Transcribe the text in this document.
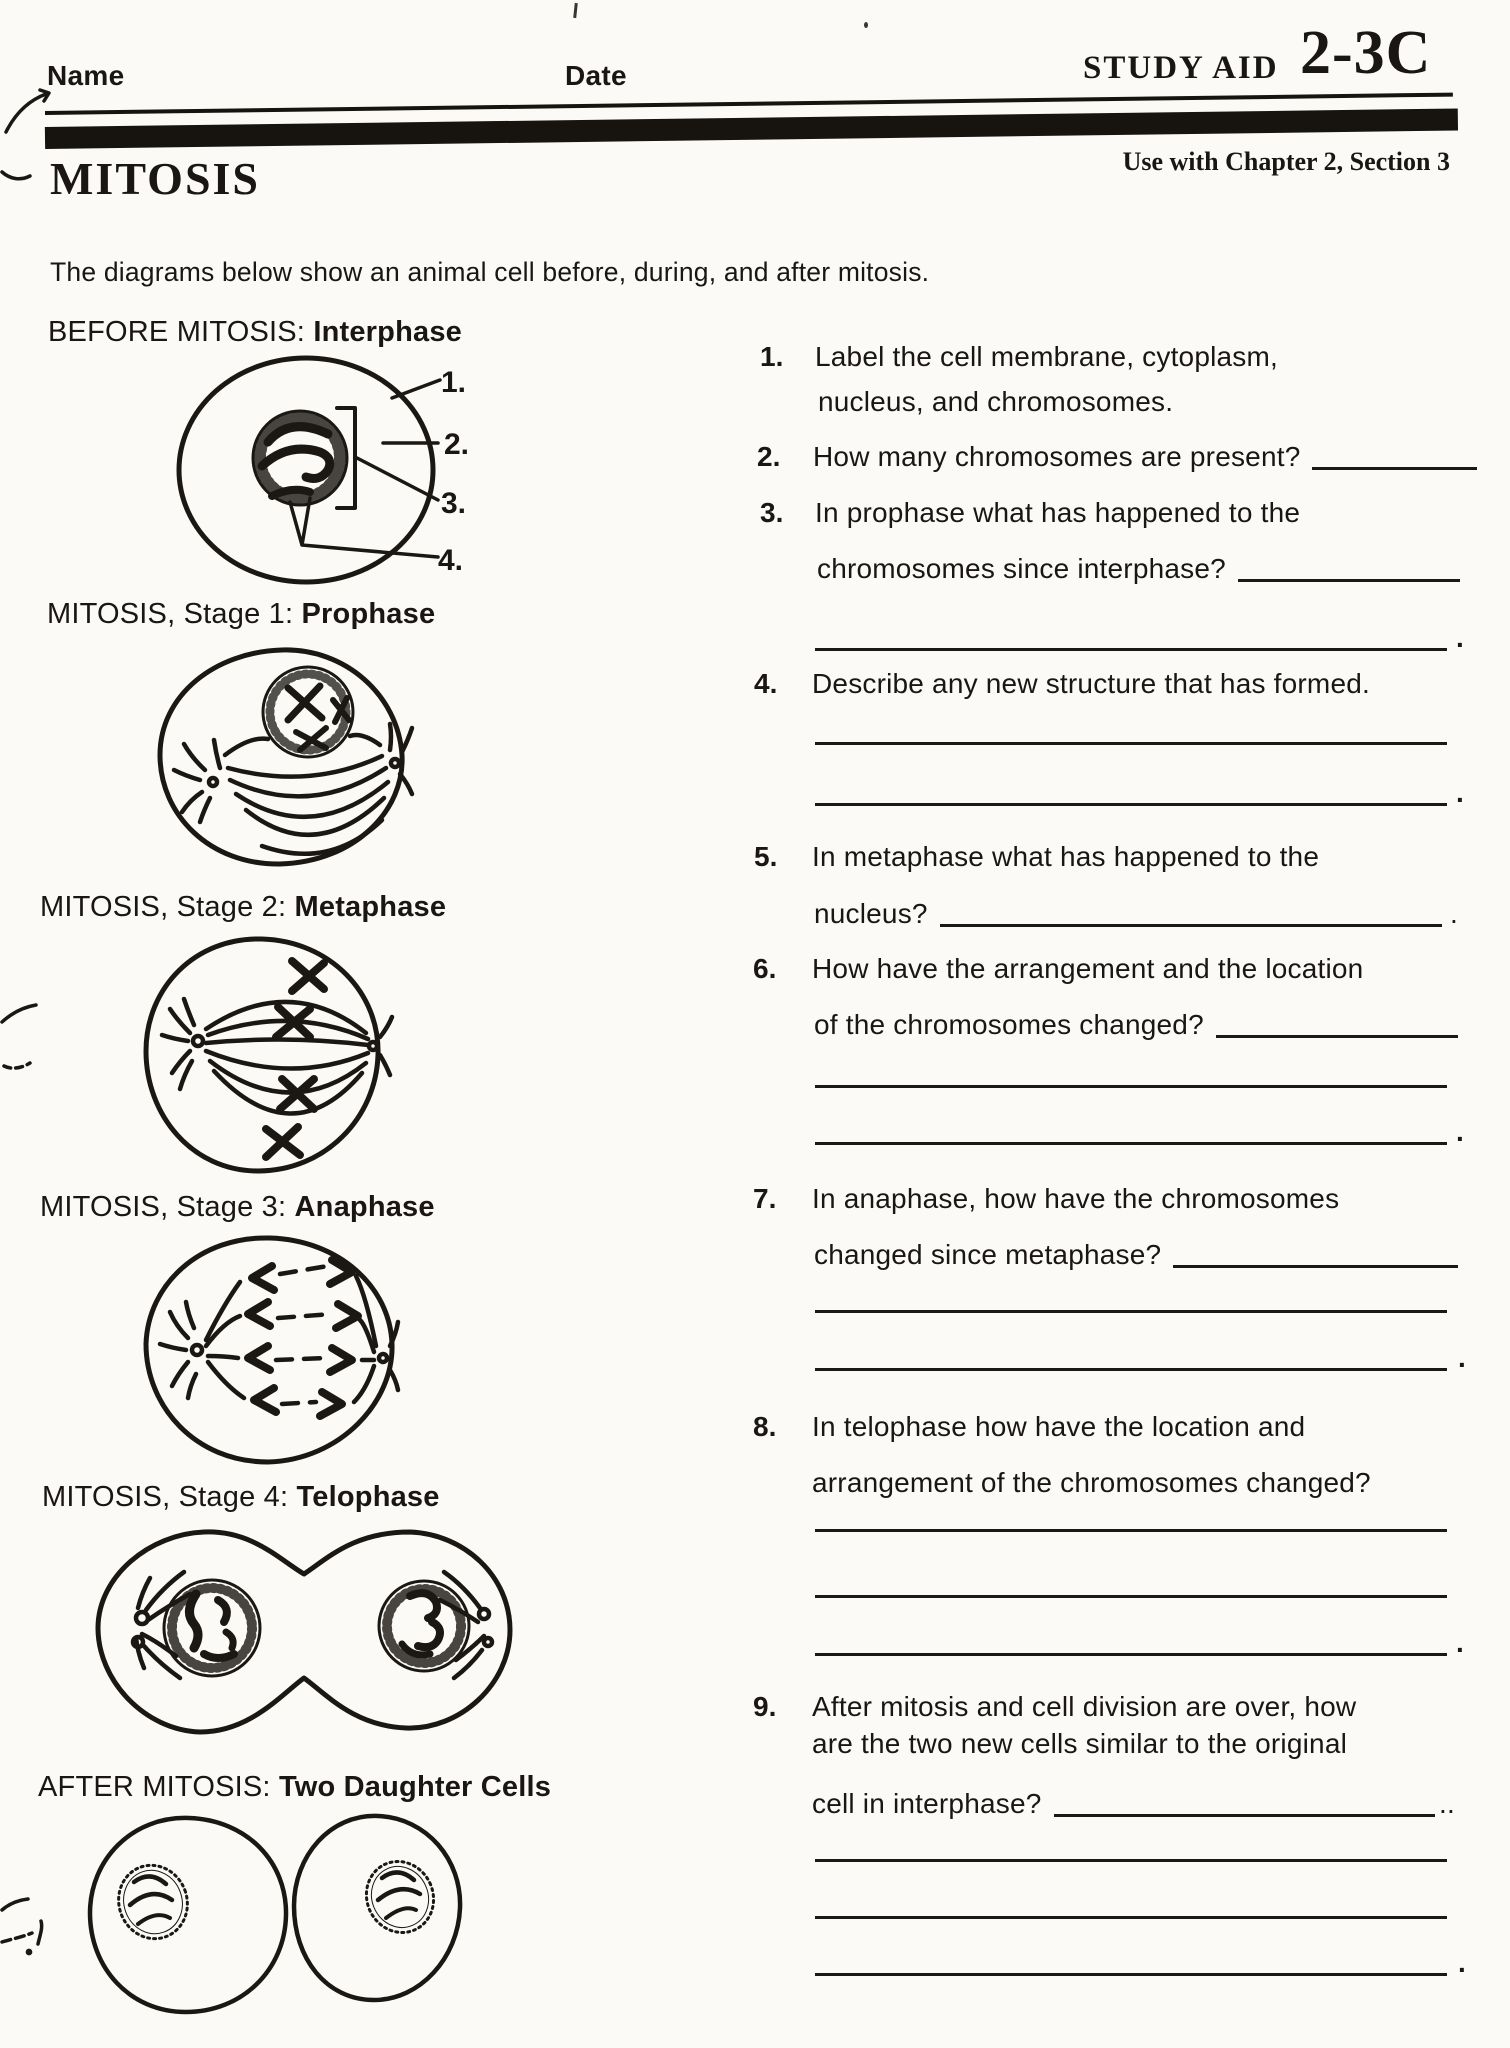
Name	Date	STUDY AID 2-3C
Use with Chapter 2, Section 3
MITOSIS
The diagrams below show an animal cell before, during, and after mitosis.
BEFORE MITOSIS: Interphase
MITOSIS, Stage 1: Prophase
MITOSIS, Stage 2: Metaphase
MITOSIS, Stage 3: Anaphase
MITOSIS, Stage 4: Telophase
AFTER MITOSIS: Two Daughter Cells
1.
2.
3.
4.
1. Label the cell membrane, cytoplasm,
nucleus, and chromosomes.
2. How many chromosomes are present?
3. In prophase what has happened to the
chromosomes since interphase?
.
4. Describe any new structure that has formed.
.
5. In metaphase what has happened to the
nucleus?	.
6. How have the arrangement and the location
of the chromosomes changed?
.
7. In anaphase, how have the chromosomes
changed since metaphase?
.
8. In telophase how have the location and
arrangement of the chromosomes changed?
.
9. After mitosis and cell division are over, how
are the two new cells similar to the original
cell in interphase?	..
.
